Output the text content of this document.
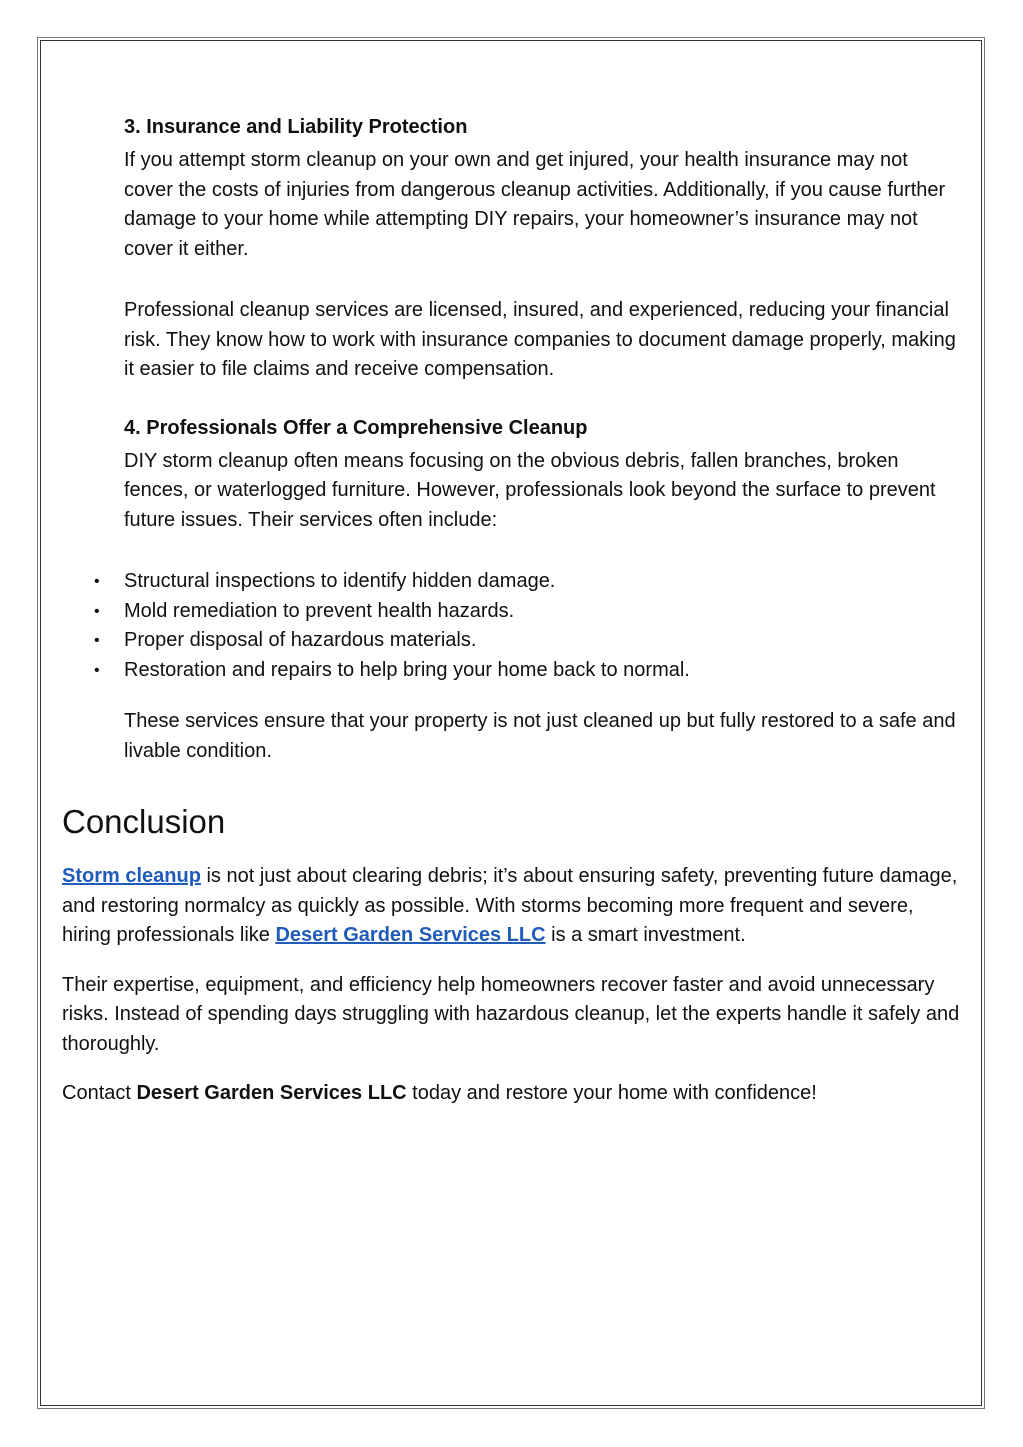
3. Insurance and Liability Protection

If you attempt storm cleanup on your own and get injured, your health insurance may not cover the costs of injuries from dangerous cleanup activities. Additionally, if you cause further damage to your home while attempting DIY repairs, your homeowner’s insurance may not cover it either.

Professional cleanup services are licensed, insured, and experienced, reducing your financial risk. They know how to work with insurance companies to document damage properly, making it easier to file claims and receive compensation.

4. Professionals Offer a Comprehensive Cleanup

DIY storm cleanup often means focusing on the obvious debris, fallen branches, broken fences, or waterlogged furniture. However, professionals look beyond the surface to prevent future issues. Their services often include:

• Structural inspections to identify hidden damage.
• Mold remediation to prevent health hazards.
• Proper disposal of hazardous materials.
• Restoration and repairs to help bring your home back to normal.

These services ensure that your property is not just cleaned up but fully restored to a safe and livable condition.

Conclusion

Storm cleanup is not just about clearing debris; it’s about ensuring safety, preventing future damage, and restoring normalcy as quickly as possible. With storms becoming more frequent and severe, hiring professionals like Desert Garden Services LLC is a smart investment.

Their expertise, equipment, and efficiency help homeowners recover faster and avoid unnecessary risks. Instead of spending days struggling with hazardous cleanup, let the experts handle it safely and thoroughly.

Contact Desert Garden Services LLC today and restore your home with confidence!
